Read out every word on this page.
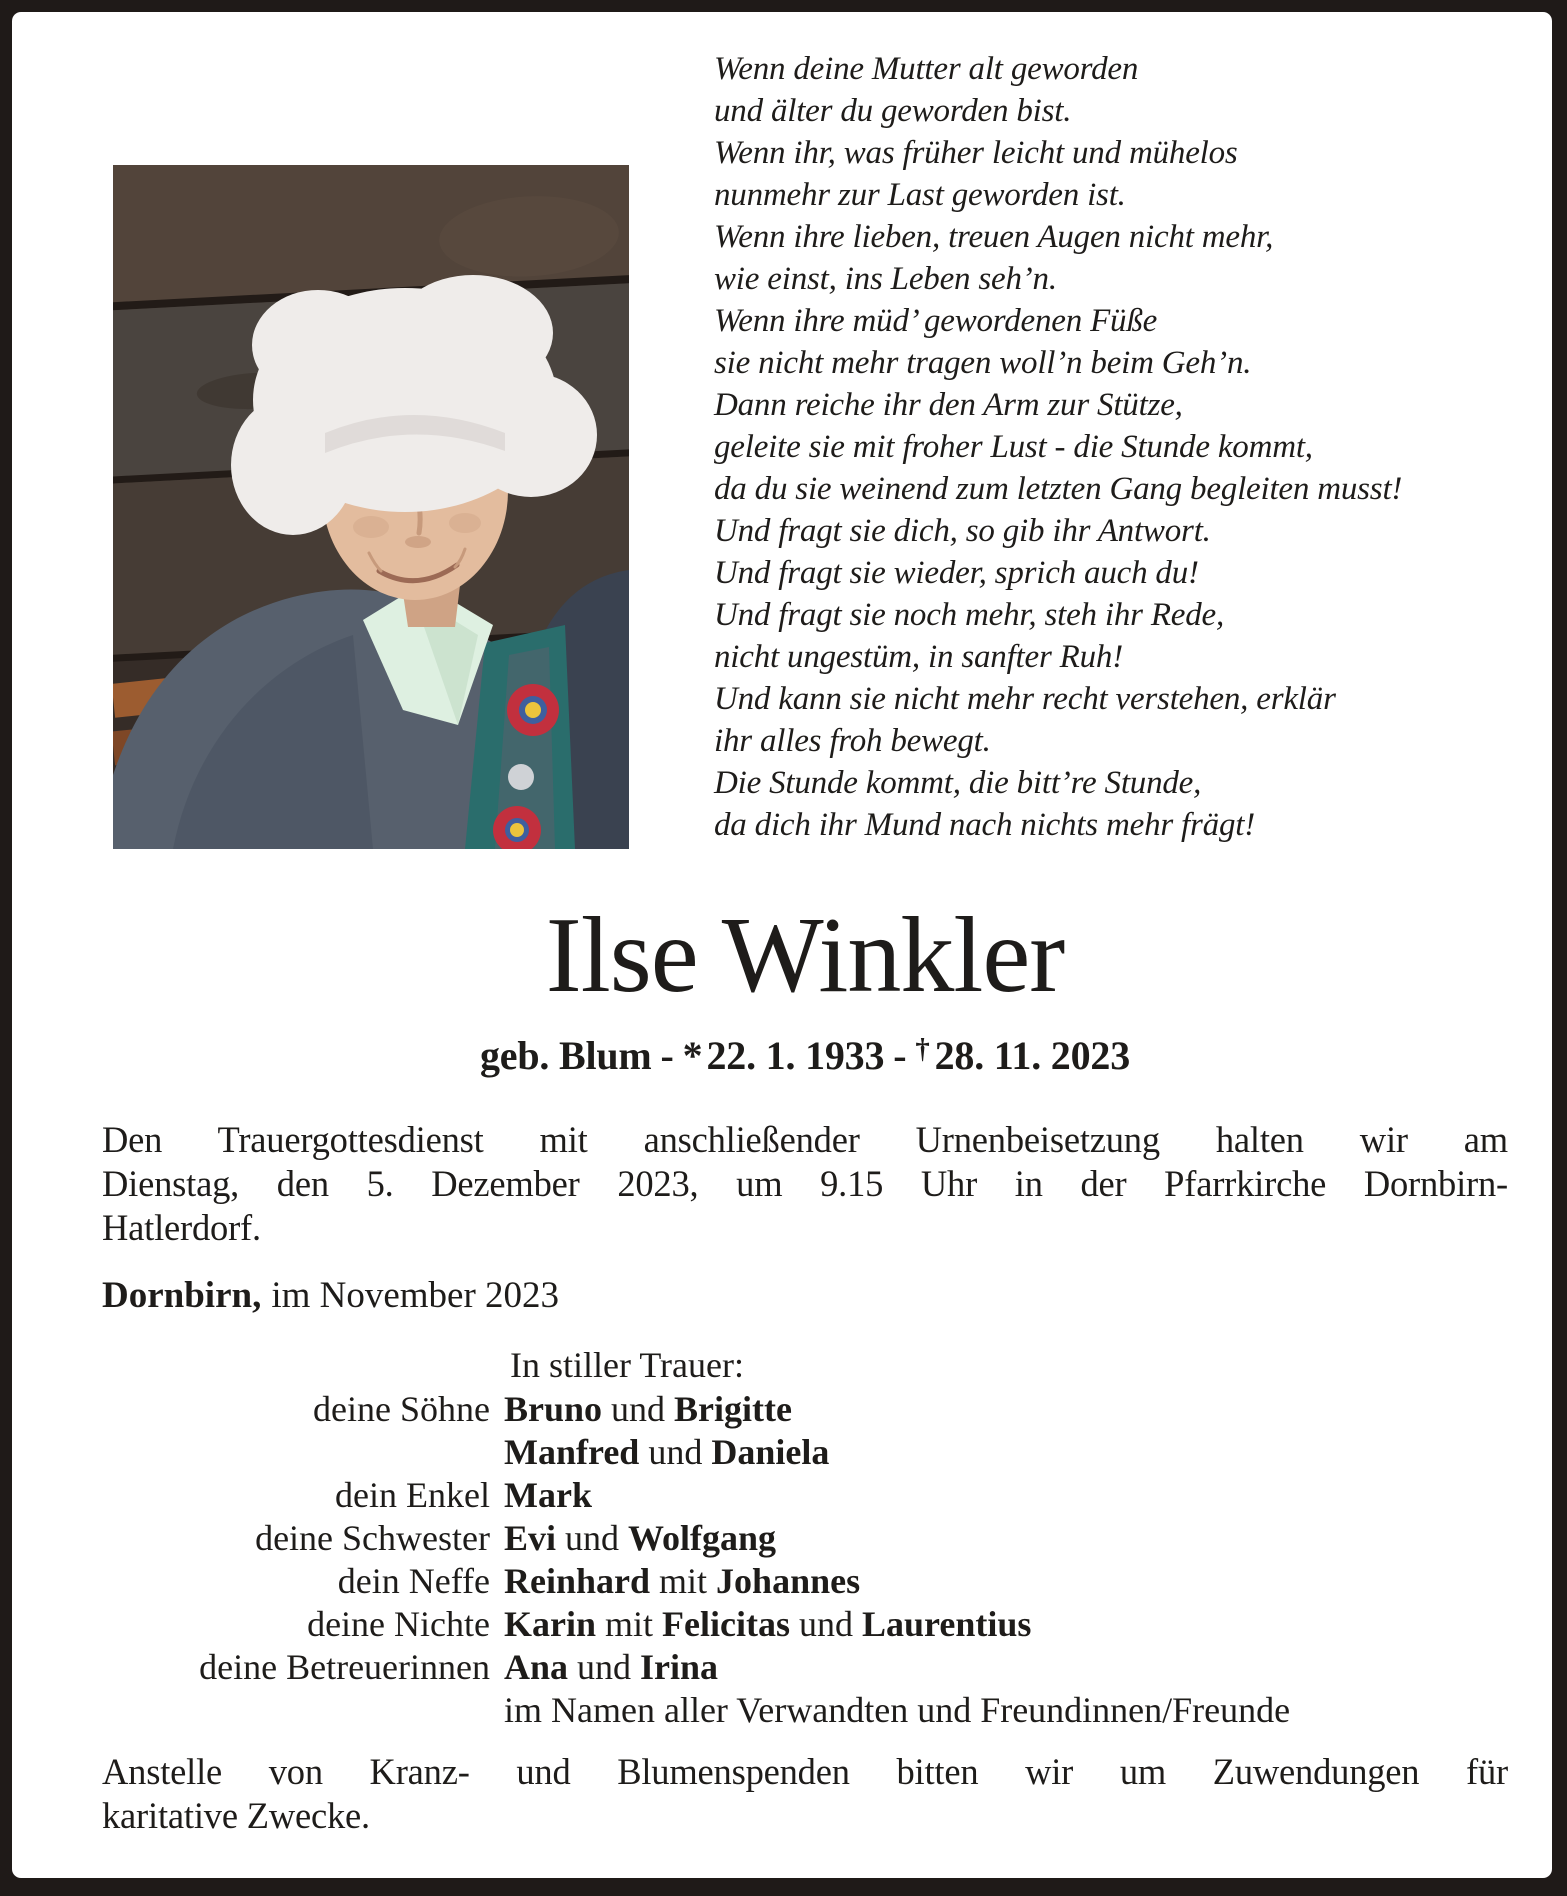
Wenn deine Mutter alt geworden
und älter du geworden bist.
Wenn ihr, was früher leicht und mühelos
nunmehr zur Last geworden ist.
Wenn ihre lieben, treuen Augen nicht mehr,
wie einst, ins Leben seh’n.
Wenn ihre müd’ gewordenen Füße
sie nicht mehr tragen woll’n beim Geh’n.
Dann reiche ihr den Arm zur Stütze,
geleite sie mit froher Lust - die Stunde kommt,
da du sie weinend zum letzten Gang begleiten musst!
Und fragt sie dich, so gib ihr Antwort.
Und fragt sie wieder, sprich auch du!
Und fragt sie noch mehr, steh ihr Rede,
nicht ungestüm, in sanfter Ruh!
Und kann sie nicht mehr recht verstehen, erklär
ihr alles froh bewegt.
Die Stunde kommt, die bitt’re Stunde,
da dich ihr Mund nach nichts mehr frägt!
Ilse Winkler
geb. Blum - * 22. 1. 1933 - † 28. 11. 2023
Den Trauergottesdienst mit anschließender Urnenbeisetzung halten wir am
Dienstag, den 5. Dezember 2023, um 9.15 Uhr in der Pfarrkirche Dornbirn-
Hatlerdorf.
Dornbirn, im November 2023
In stiller Trauer:
deine Söhne Bruno und Brigitte
Manfred und Daniela
dein Enkel Mark
deine Schwester Evi und Wolfgang
dein Neffe Reinhard mit Johannes
deine Nichte Karin mit Felicitas und Laurentius
deine Betreuerinnen Ana und Irina
im Namen aller Verwandten und Freundinnen/Freunde
Anstelle von Kranz- und Blumenspenden bitten wir um Zuwendungen für
karitative Zwecke.
